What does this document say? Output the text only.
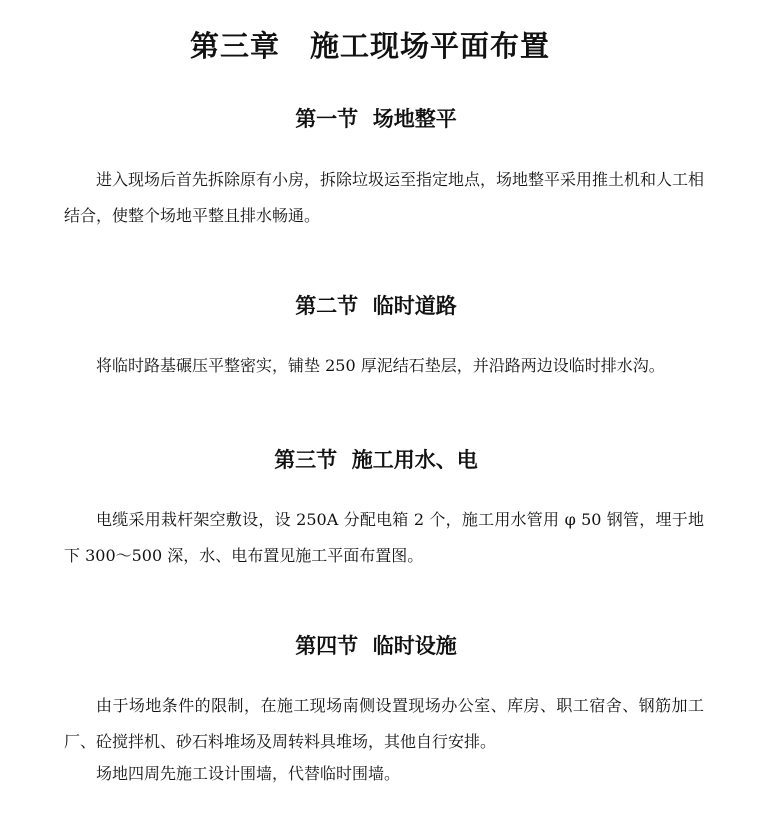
第三章　施工现场平面布置
第一节  场地整平

进入现场后首先拆除原有小房，拆除垃圾运至指定地点，场地整平采用推土机和人工相结合，使整个场地平整且排水畅通。

第二节  临时道路

将临时路基碾压平整密实，铺垫 250 厚泥结石垫层，并沿路两边设临时排水沟。

第三节  施工用水、电

电缆采用栽杆架空敷设，设 250A 分配电箱 2 个，施工用水管用 φ 50 钢管，埋于地下 300～500 深，水、电布置见施工平面布置图。

第四节  临时设施

由于场地条件的限制，在施工现场南侧设置现场办公室、库房、职工宿舍、钢筋加工厂、砼搅拌机、砂石料堆场及周转料具堆场，其他自行安排。

场地四周先施工设计围墙，代替临时围墙。
